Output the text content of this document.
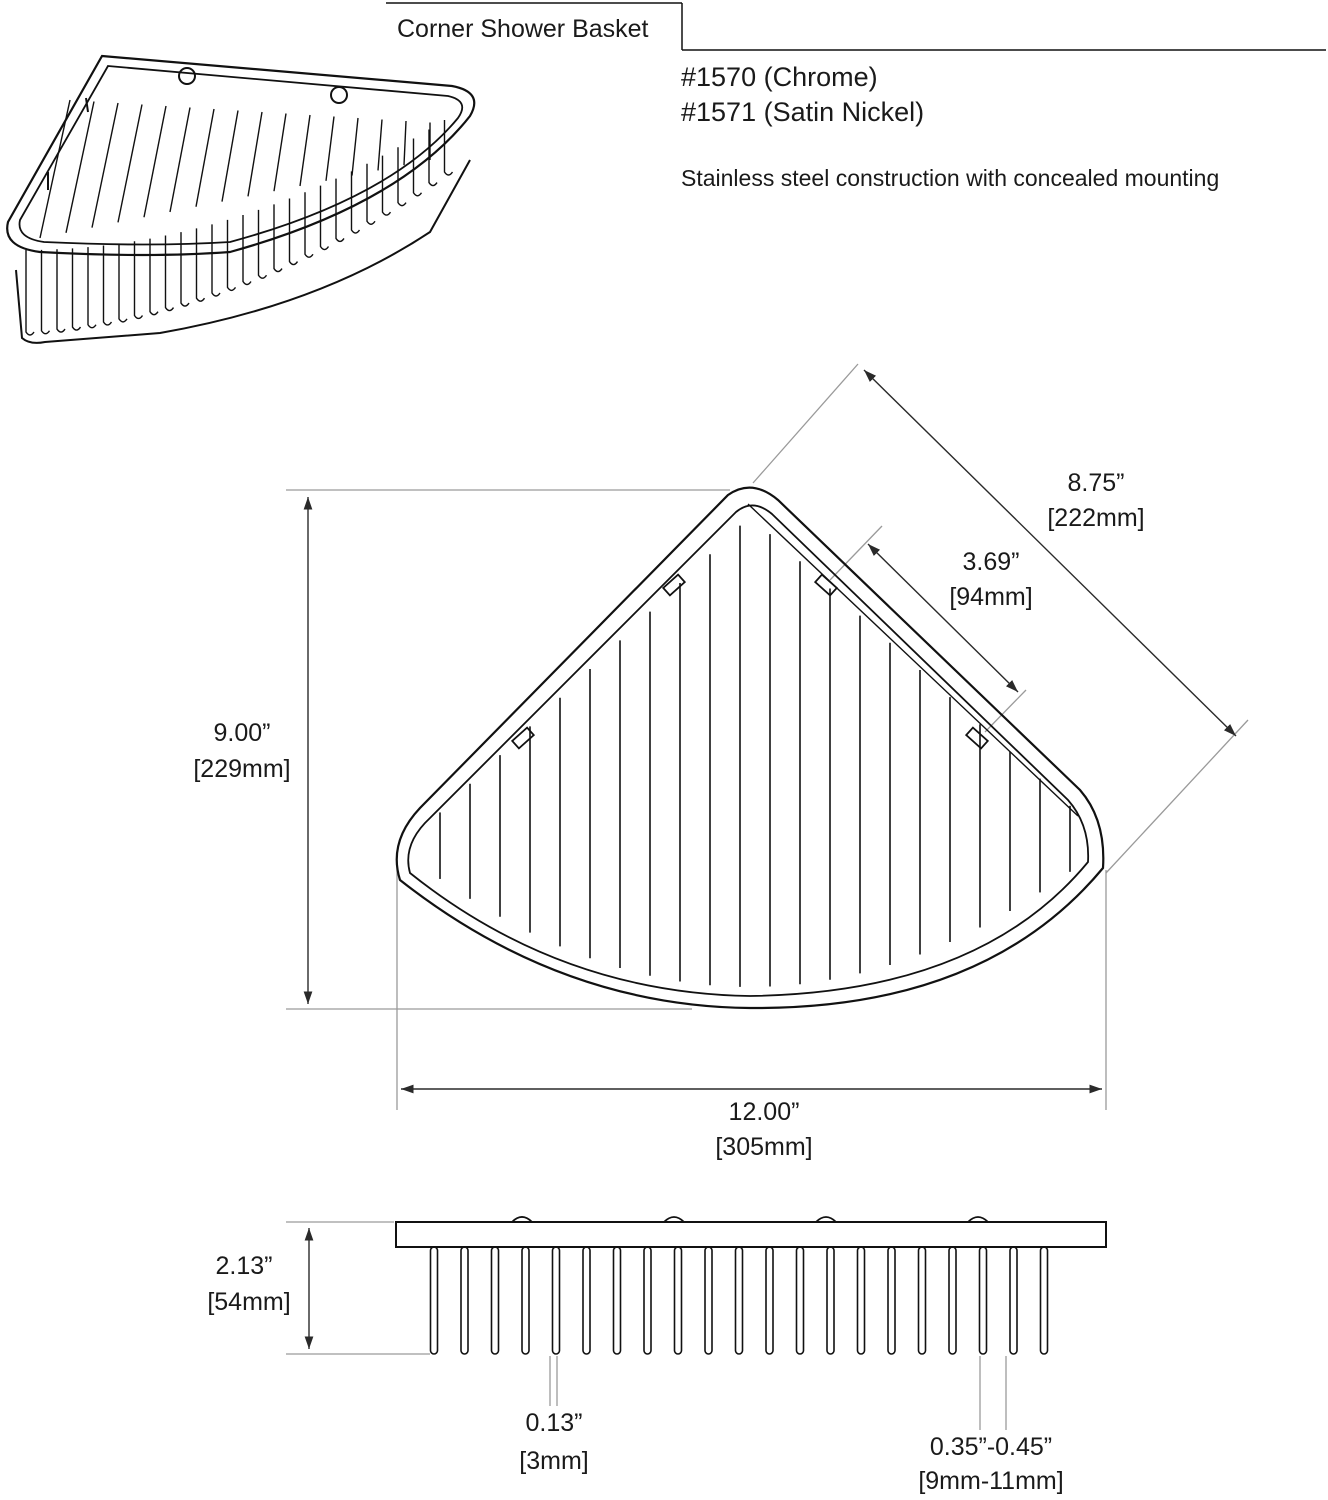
Corner Shower Basket
#1570 (Chrome)
#1571 (Satin Nickel)
Stainless steel construction with concealed mounting
8.75”
[222mm]
3.69”
[94mm]
9.00”
[229mm]
12.00”
[305mm]
2.13”
[54mm]
0.13”
[3mm]	0.35”-0.45”
[9mm-11mm]
